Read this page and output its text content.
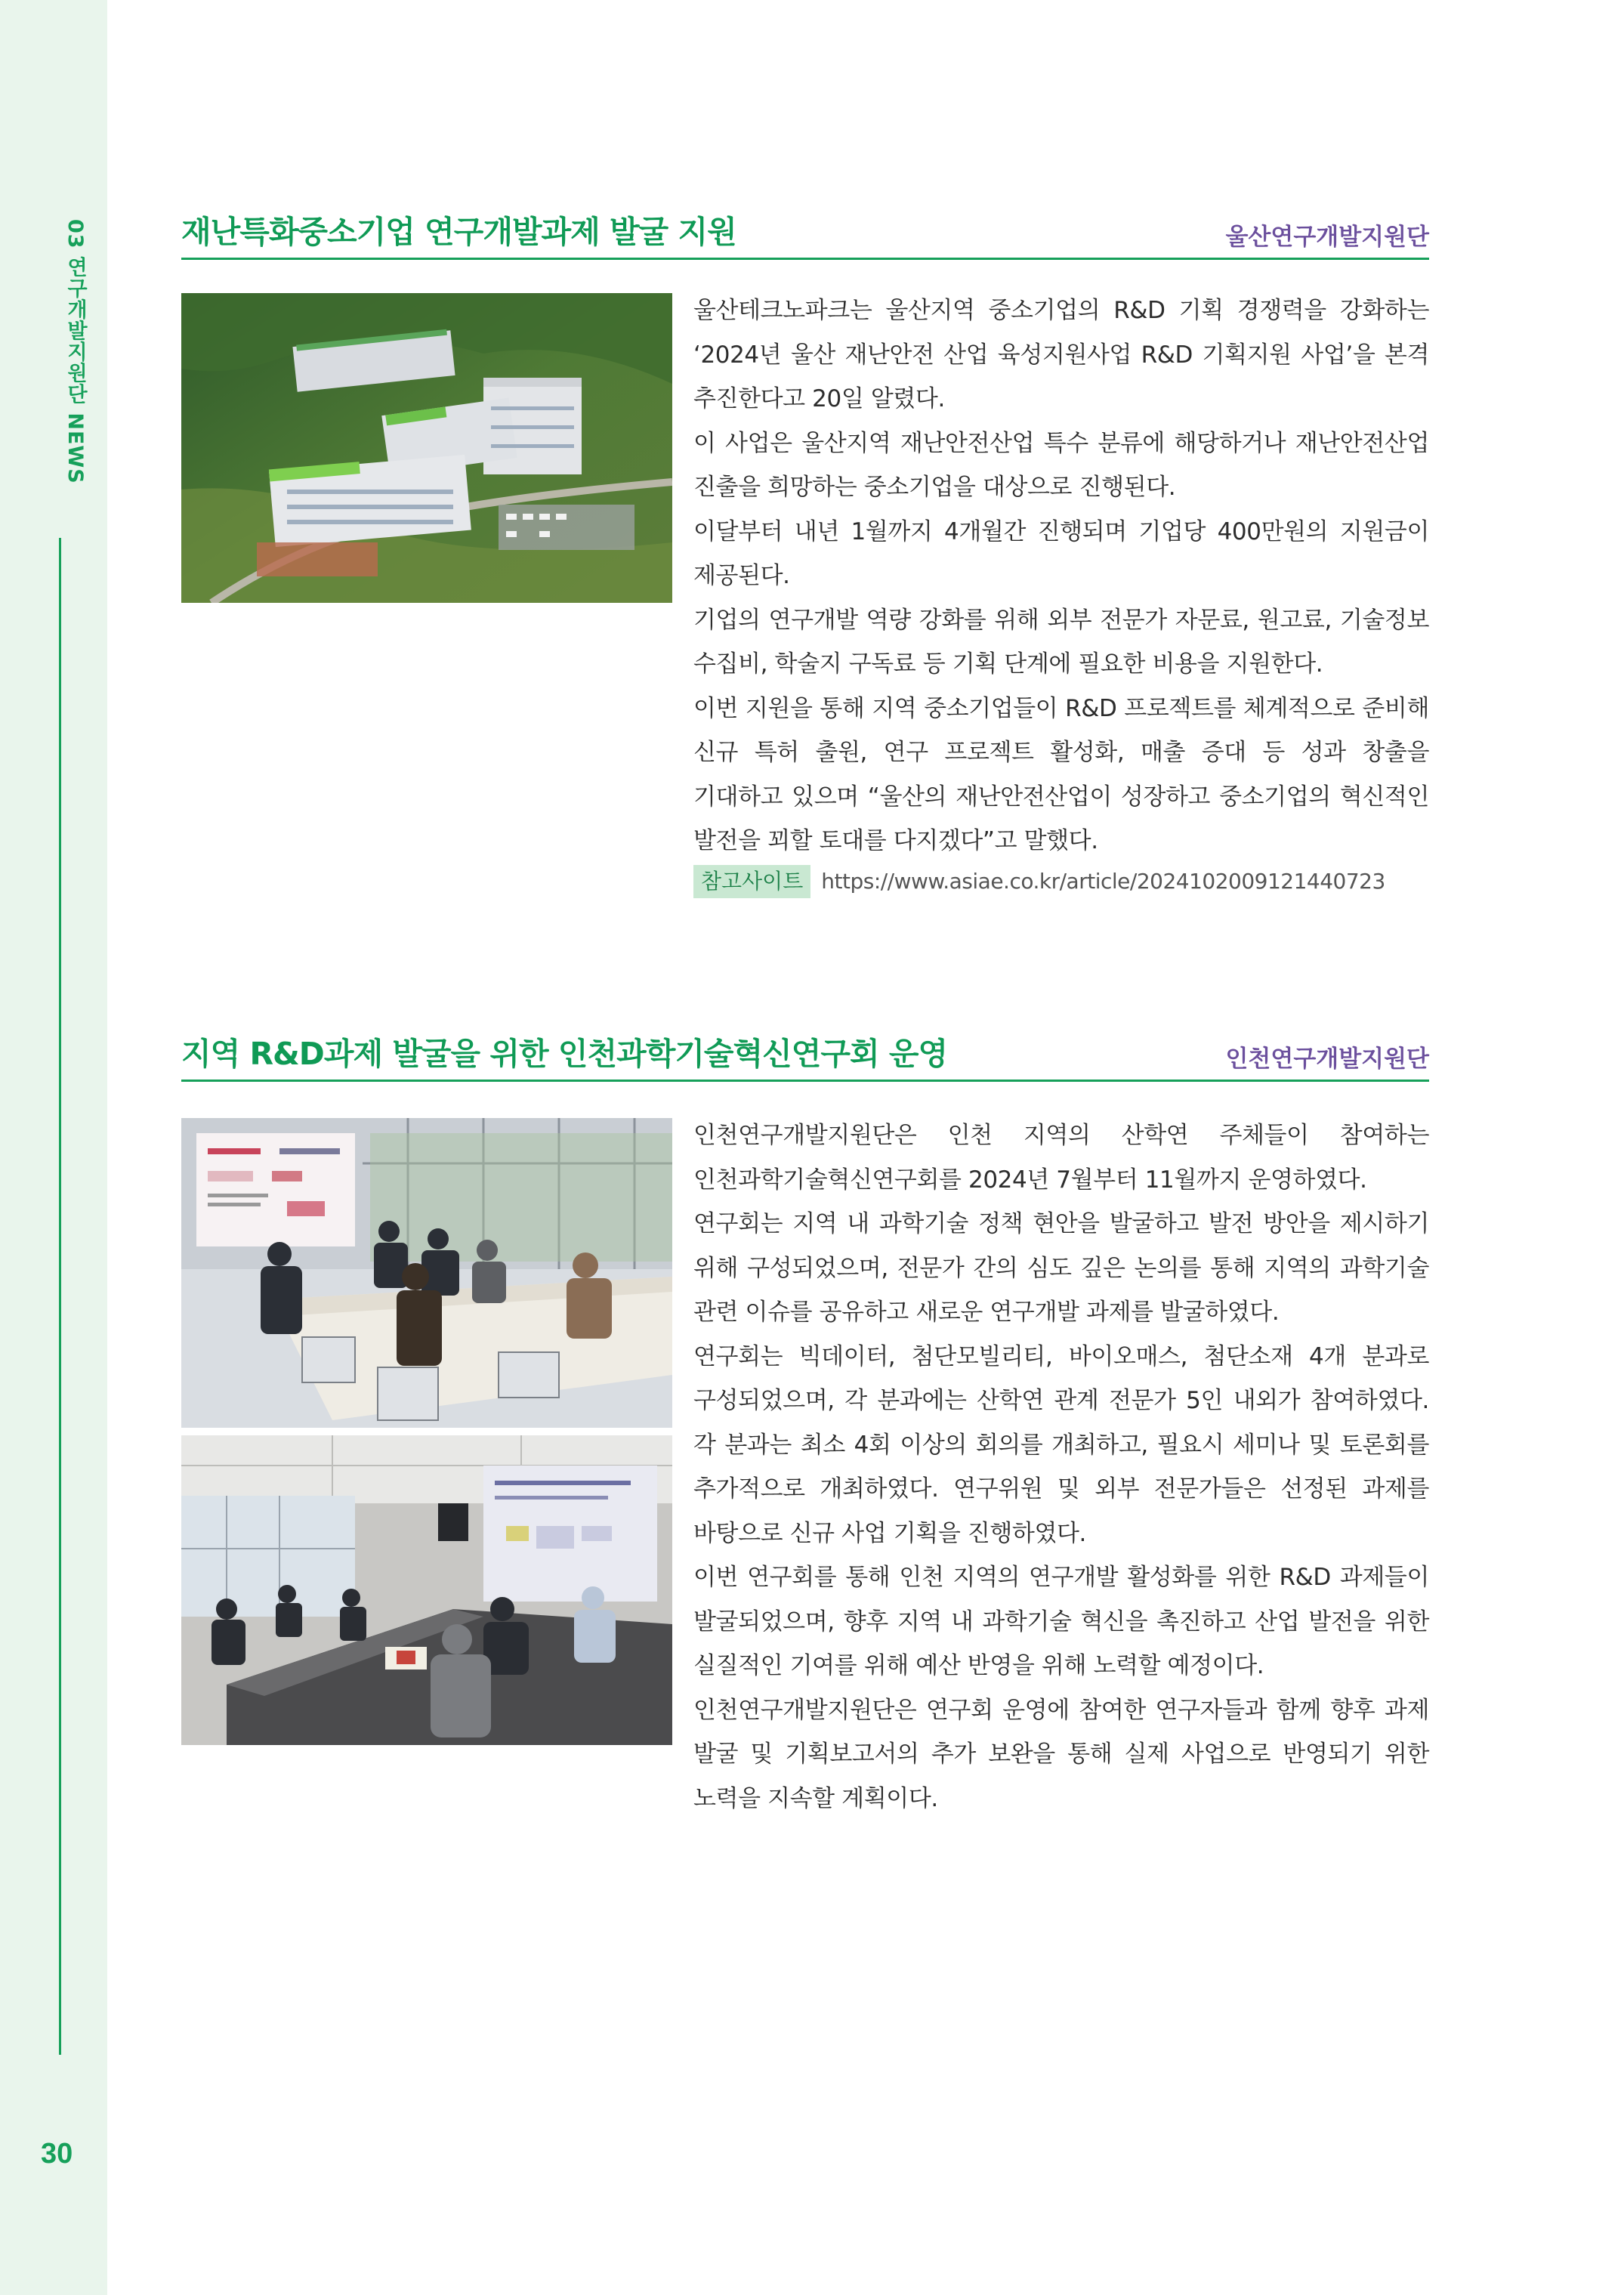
03 연구개발지원단 NEWS
30
재난특화중소기업 연구개발과제 발굴 지원	울산연구개발지원단

울산테크노파크는 울산지역 중소기업의 R&D 기획 경쟁력을 강화하는 ‘2024년 울산 재난안전 산업 육성지원사업 R&D 기획지원 사업’을 본격 추진한다고 20일 알렸다.

이 사업은 울산지역 재난안전산업 특수 분류에 해당하거나 재난안전산업 진출을 희망하는 중소기업을 대상으로 진행된다.

이달부터 내년 1월까지 4개월간 진행되며 기업당 400만원의 지원금이 제공된다.

기업의 연구개발 역량 강화를 위해 외부 전문가 자문료, 원고료, 기술정보 수집비, 학술지 구독료 등 기획 단계에 필요한 비용을 지원한다.

이번 지원을 통해 지역 중소기업들이 R&D 프로젝트를 체계적으로 준비해 신규 특허 출원, 연구 프로젝트 활성화, 매출 증대 등 성과 창출을 기대하고 있으며 “울산의 재난안전산업이 성장하고 중소기업의 혁신적인 발전을 꾀할 토대를 다지겠다”고 말했다.

참고사이트 https://www.asiae.co.kr/article/2024102009121440723
지역 R&D과제 발굴을 위한 인천과학기술혁신연구회 운영	인천연구개발지원단

인천연구개발지원단은 인천 지역의 산학연 주체들이 참여하는 인천과학기술혁신연구회를 2024년 7월부터 11월까지 운영하였다.

연구회는 지역 내 과학기술 정책 현안을 발굴하고 발전 방안을 제시하기 위해 구성되었으며, 전문가 간의 심도 깊은 논의를 통해 지역의 과학기술 관련 이슈를 공유하고 새로운 연구개발 과제를 발굴하였다.

연구회는 빅데이터, 첨단모빌리티, 바이오매스, 첨단소재 4개 분과로 구성되었으며, 각 분과에는 산학연 관계 전문가 5인 내외가 참여하였다. 각 분과는 최소 4회 이상의 회의를 개최하고, 필요시 세미나 및 토론회를 추가적으로 개최하였다. 연구위원 및 외부 전문가들은 선정된 과제를 바탕으로 신규 사업 기획을 진행하였다.

이번 연구회를 통해 인천 지역의 연구개발 활성화를 위한 R&D 과제들이 발굴되었으며, 향후 지역 내 과학기술 혁신을 촉진하고 산업 발전을 위한 실질적인 기여를 위해 예산 반영을 위해 노력할 예정이다.

인천연구개발지원단은 연구회 운영에 참여한 연구자들과 함께 향후 과제 발굴 및 기획보고서의 추가 보완을 통해 실제 사업으로 반영되기 위한 노력을 지속할 계획이다.
